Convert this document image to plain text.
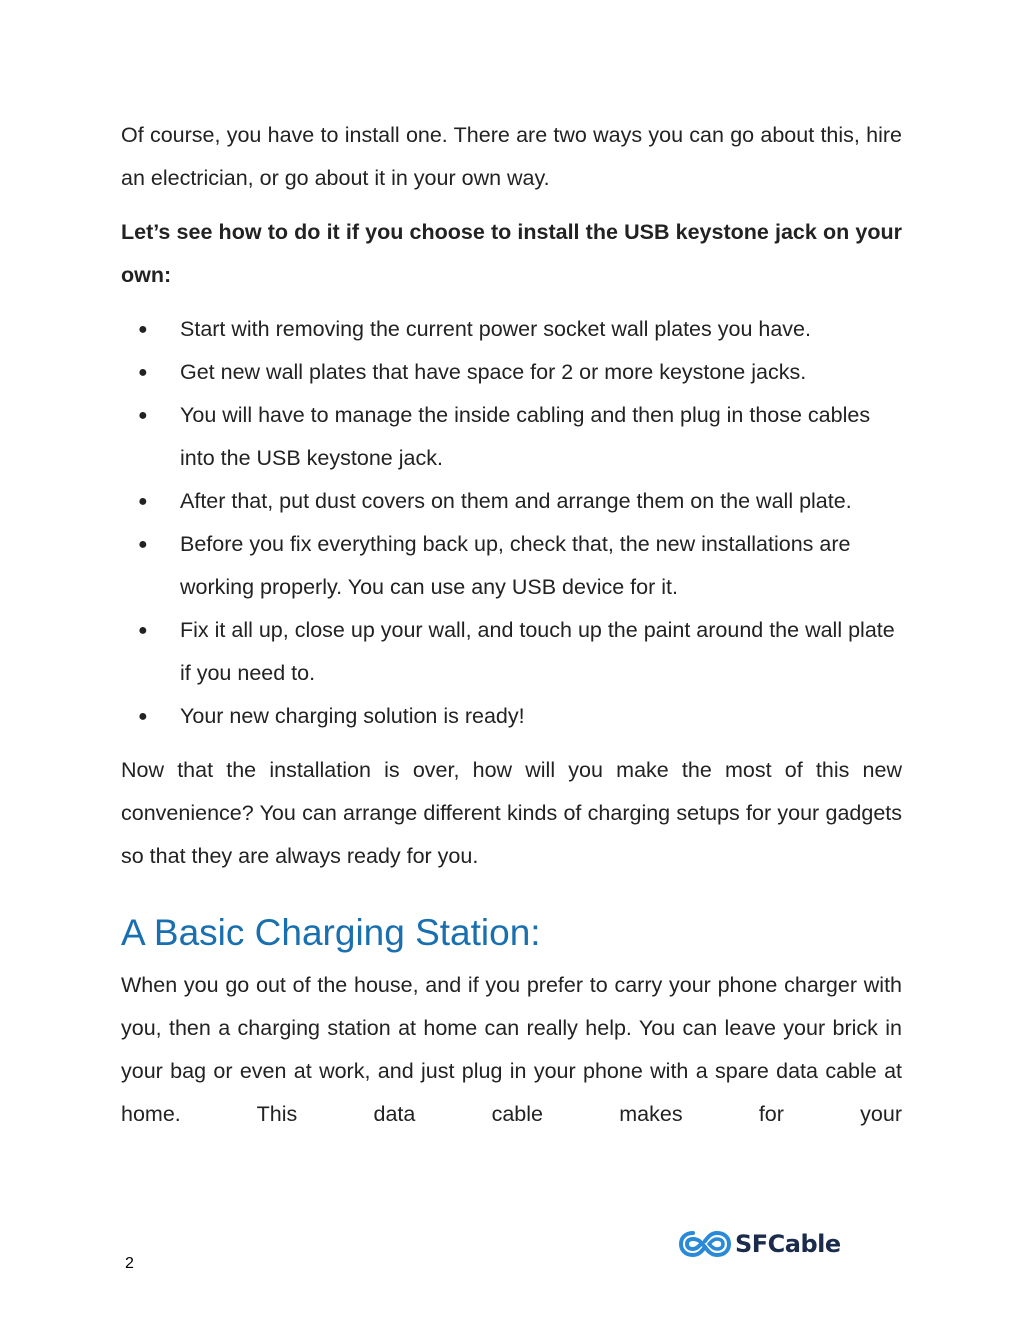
Of course, you have to install one. There are two ways you can go about this, hire an electrician, or go about it in your own way.

Let’s see how to do it if you choose to install the USB keystone jack on your own:

● Start with removing the current power socket wall plates you have.
● Get new wall plates that have space for 2 or more keystone jacks.
● You will have to manage the inside cabling and then plug in those cables into the USB keystone jack.
● After that, put dust covers on them and arrange them on the wall plate.
● Before you fix everything back up, check that, the new installations are working properly. You can use any USB device for it.
● Fix it all up, close up your wall, and touch up the paint around the wall plate if you need to.
● Your new charging solution is ready!

Now that the installation is over, how will you make the most of this new convenience? You can arrange different kinds of charging setups for your gadgets so that they are always ready for you.

A Basic Charging Station:

When you go out of the house, and if you prefer to carry your phone charger with you, then a charging station at home can really help. You can leave your brick in your bag or even at work, and just plug in your phone with a spare data cable at home. This data cable makes for your

2
SFCable
